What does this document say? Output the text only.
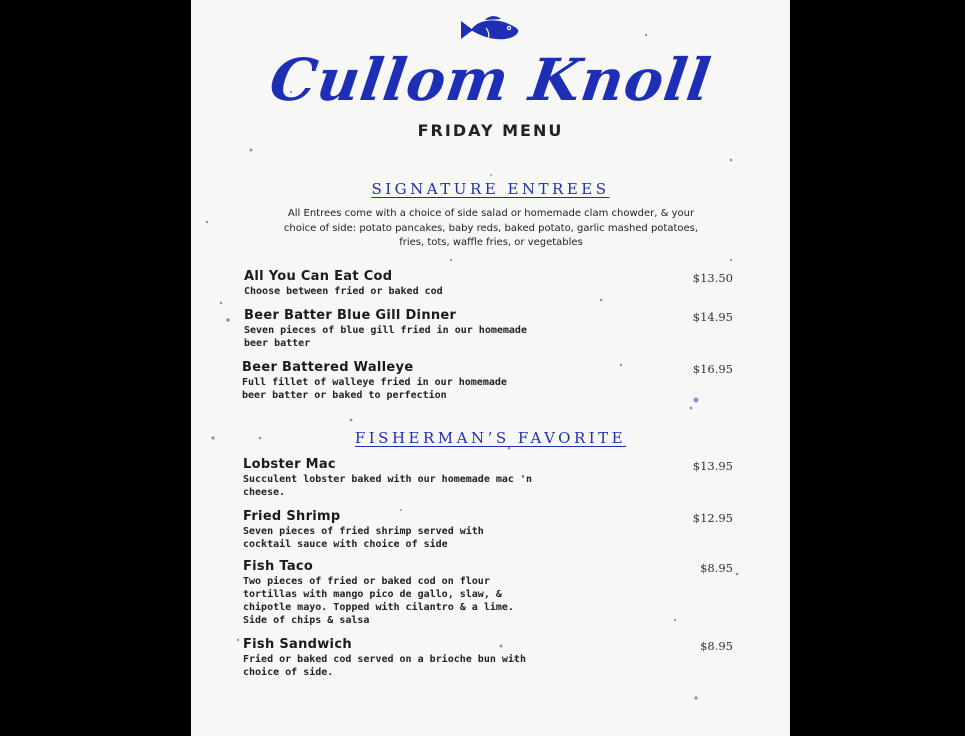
Cullom Knoll
FRIDAY MENU
SIGNATURE ENTREES
All Entrees come with a choice of side salad or homemade clam chowder, & your choice of side: potato pancakes, baby reds, baked potato, garlic mashed potatoes, fries, tots, waffle fries, or vegetables
All You Can Eat Cod
Choose between fried or baked cod
$13.50
Beer Batter Blue Gill Dinner
Seven pieces of blue gill fried in our homemade beer batter
$14.95
Beer Battered Walleye
Full fillet of walleye fried in our homemade beer batter or baked to perfection
$16.95
FISHERMAN’S FAVORITE
Lobster Mac
Succulent lobster baked with our homemade mac 'n cheese.
$13.95
Fried Shrimp
Seven pieces of fried shrimp served with cocktail sauce with choice of side
$12.95
Fish Taco
Two pieces of fried or baked cod on flour tortillas with mango pico de gallo, slaw, & chipotle mayo. Topped with cilantro & a lime. Side of chips & salsa
$8.95
Fish Sandwich
Fried or baked cod served on a brioche bun with choice of side.
$8.95
